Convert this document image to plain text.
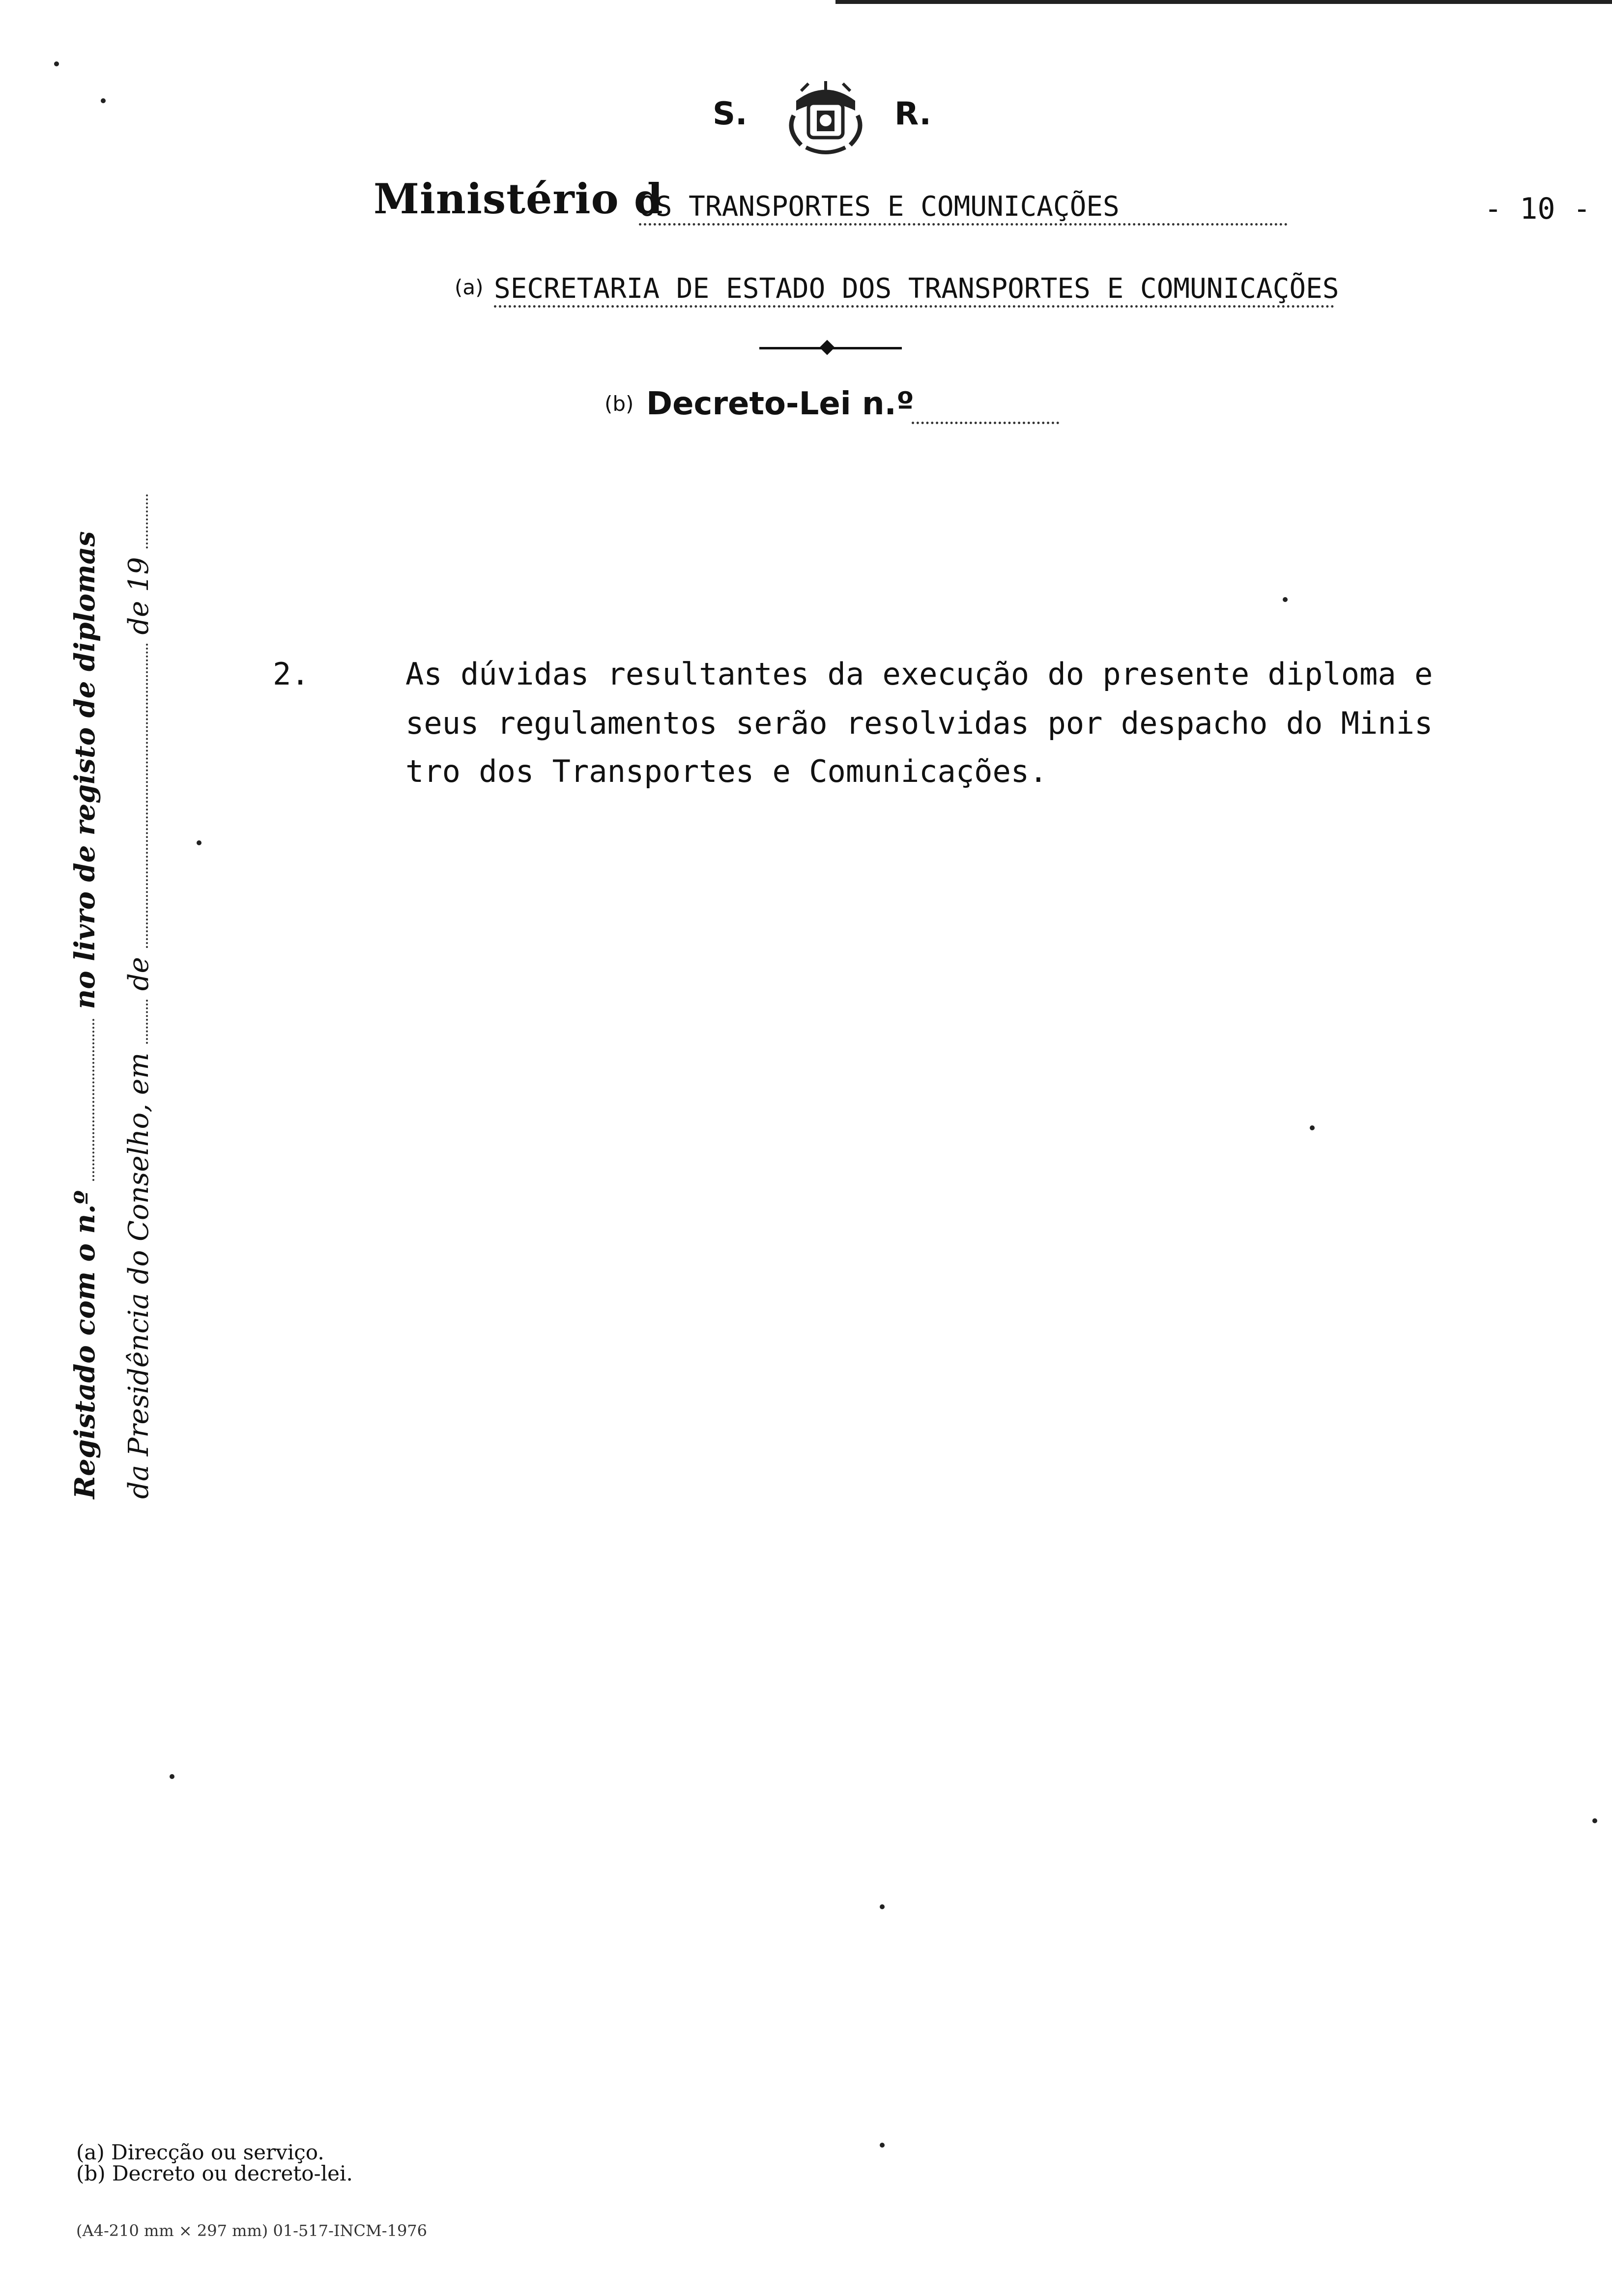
S.	R.
Ministério d
OS TRANSPORTES E COMUNICAÇÕES	- 10 -
(a) SECRETARIA DE ESTADO DOS TRANSPORTES E COMUNICAÇÕES
(b) Decreto-Lei n.º
Registado com o n.º  no livro de registo de diplomas
da Presidência do Conselho, em  de  de 19
2.	As dúvidas resultantes da execução do presente diploma e
seus regulamentos serão resolvidas por despacho do Minis
tro dos Transportes e Comunicações.
(a) Direcção ou serviço.
(b) Decreto ou decreto-lei.
(A4-210 mm × 297 mm) 01-517-INCM-1976
